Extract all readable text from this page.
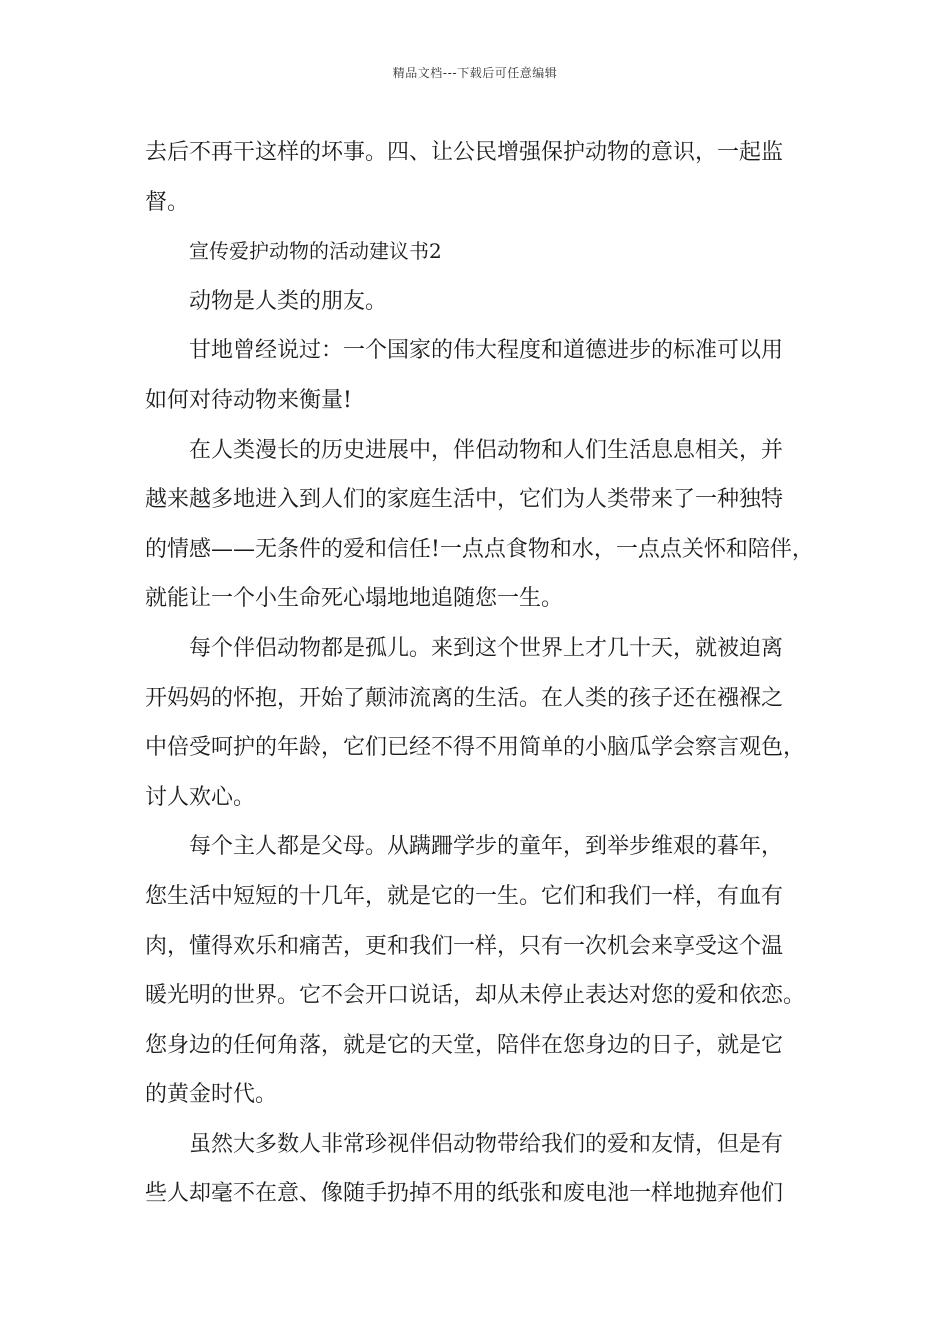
精品文档---下载后可任意编辑
去后不再干这样的坏事。四、让公民增强保护动物的意识，一起监
督。
宣传爱护动物的活动建议书2
动物是人类的朋友。
甘地曾经说过：一个国家的伟大程度和道德进步的标准可以用
如何对待动物来衡量!
在人类漫长的历史进展中，伴侣动物和人们生活息息相关，并
越来越多地进入到人们的家庭生活中，它们为人类带来了一种独特
的情感——无条件的爱和信任!一点点食物和水，一点点关怀和陪伴，
就能让一个小生命死心塌地地追随您一生。
每个伴侣动物都是孤儿。来到这个世界上才几十天，就被迫离
开妈妈的怀抱，开始了颠沛流离的生活。在人类的孩子还在襁褓之
中倍受呵护的年龄，它们已经不得不用简单的小脑瓜学会察言观色，
讨人欢心。
每个主人都是父母。从蹒跚学步的童年，到举步维艰的暮年，
您生活中短短的十几年，就是它的一生。它们和我们一样，有血有
肉，懂得欢乐和痛苦，更和我们一样，只有一次机会来享受这个温
暖光明的世界。它不会开口说话，却从未停止表达对您的爱和依恋。
您身边的任何角落，就是它的天堂，陪伴在您身边的日子，就是它
的黄金时代。
虽然大多数人非常珍视伴侣动物带给我们的爱和友情，但是有
些人却毫不在意、像随手扔掉不用的纸张和废电池一样地抛弃他们
